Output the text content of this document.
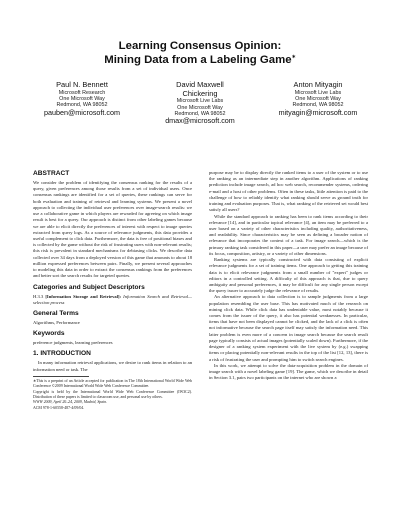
Learning Consensus Opinion:
Mining Data from a Labeling Game∗
Paul N. Bennett
Microsoft Research
One Microsoft Way
Redmond, WA 98052
pauben@microsoft.com
David Maxwell
Chickering
Microsoft Live Labs
One Microsoft Way
Redmond, WA 98052
dmax@microsoft.com
Anton Mityagin
Microsoft Live Labs
One Microsoft Way
Redmond, WA 98052
mityagin@microsoft.com
ABSTRACT

We consider the problem of identifying the consensus ranking for the results of a query, given preferences among those results from a set of individual users. Once consensus rankings are identified for a set of queries, these rankings can serve for both evaluation and training of retrieval and learning systems. We present a novel approach to collecting the individual user preferences over image-search results: we use a collaborative game in which players are rewarded for agreeing on which image result is best for a query. Our approach is distinct from other labeling games because we are able to elicit directly the preferences of interest with respect to image queries extracted from query logs. As a source of relevance judgments, this data provides a useful complement to click data. Furthermore, the data is free of positional biases and is collected by the game without the risk of frustrating users with non-relevant results; this risk is prevalent in standard mechanisms for debiasing clicks. We describe data collected over 34 days from a deployed version of this game that amounts to about 18 million expressed preferences between pairs. Finally, we present several approaches to modeling this data in order to extract the consensus rankings from the preferences and better sort the search results for targeted queries.

Categories and Subject Descriptors

H.3.3 [Information Storage and Retrieval]: Information Search and Retrieval—selection process

General Terms

Algorithms, Performance

Keywords

preference judgments, learning preferences

1. INTRODUCTION

In many information retrieval applications, we desire to rank items in relation to an information need or task. The

∗This is a preprint of an Article accepted for publication in The 18th International World Wide Web Conference ©2009 International World Wide Web Conference Committee.

Copyright is held by the International World Wide Web Conference Committee (IW3C2). Distribution of these papers is limited to classroom use, and personal use by others.

WWW 2009, April 20–24, 2009, Madrid, Spain.

ACM 978-1-60558-487-4/09/04.

purpose may be to display directly the ranked items to a user of the system or to use the ranking as an intermediate step in another algorithm. Applications of ranking prediction include image search, ad hoc web search, recommender systems, ordering e-mail and a host of other problems. Often in these tasks, little attention is paid to the challenge of how to reliably identify what ranking should serve as ground truth for training and evaluation purposes. That is, what ranking of the retrieved set would best satisfy all users?

While the standard approach to ranking has been to rank items according to their relevance [14], and in particular topical relevance [4], an item may be preferred to a user based on a variety of other characteristics including quality, authoritativeness, and readability. Since characteristics may be seen as defining a broader notion of relevance that incorporates the context of a task. For image search—which is the primary ranking task considered in this paper—a user may prefer an image because of its focus, composition, artistry, or a variety of other dimensions.

Ranking systems are typically constructed with data consisting of explicit relevance judgments for a set of training items. One approach to getting this training data is to elicit relevance judgments from a small number of "expert" judges or editors in a controlled setting. A difficulty of this approach is that, due to query ambiguity and personal preferences, it may be difficult for any single person except the query issuer to accurately judge the relevance of results.

An alternative approach to data collection is to sample judgments from a large population resembling the user base. This has motivated much of the research on mining click data. While click data has undeniable value, most notably because it comes from the issuer of the query, it also has potential weaknesses. In particular, items that have not been displayed cannot be clicked, and the lack of a click is often not informative because the search page itself may satisfy the information need. This latter problem is even more of a concern in image search because the search result page typically consists of actual images (potentially scaled down). Furthermore, if the designer of a ranking system experiment with the live system by (e.g.) swapping items or placing potentially non-relevant results in the top of the list [12, 13], there is a risk of frustrating the user and prompting him to switch search engines.

In this work, we attempt to solve the data-acquisition problem in the domain of image search with a novel labeling game [19]. The game, which we describe in detail in Section 3.1, pairs two participants on the internet who are shown a
